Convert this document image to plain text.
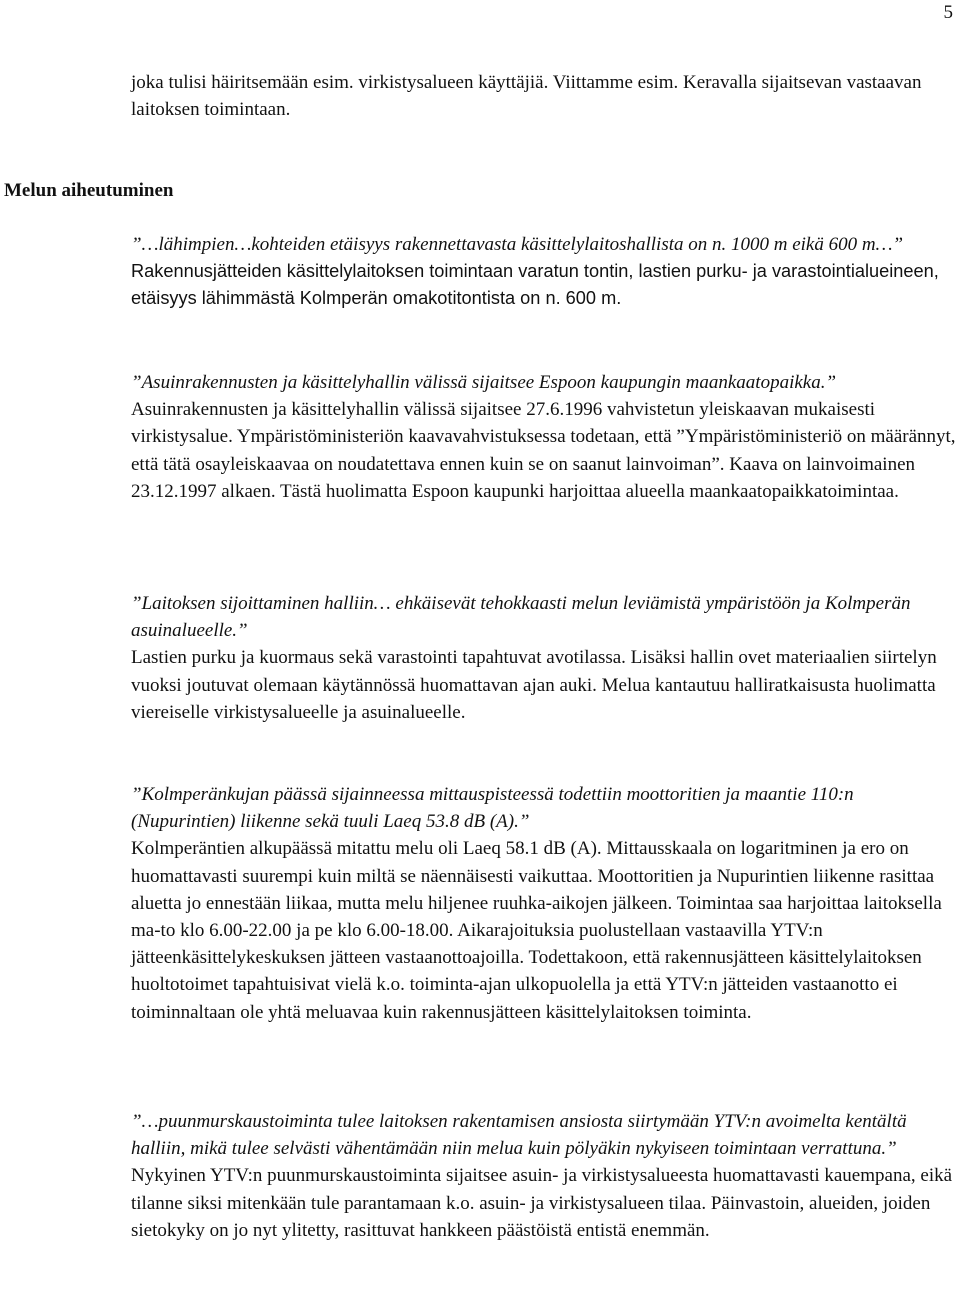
5

joka tulisi häiritsemään esim. virkistysalueen käyttäjiä. Viittamme esim. Keravalla sijaitsevan vastaavan laitoksen toimintaan.

Melun aiheutuminen

”…lähimpien…kohteiden etäisyys rakennettavasta käsittelylaitoshallista on n. 1000 m eikä 600 m…”

Rakennusjätteiden käsittelylaitoksen toimintaan varatun tontin, lastien purku- ja varastointialueineen, etäisyys lähimmästä Kolmperän omakotitontista on n. 600 m.

”Asuinrakennusten ja käsittelyhallin välissä sijaitsee Espoon kaupungin maankaatopaikka.”

Asuinrakennusten ja käsittelyhallin välissä sijaitsee 27.6.1996 vahvistetun yleiskaavan mukaisesti virkistysalue. Ympäristöministeriön kaavavahvistuksessa todetaan, että ”Ympäristöministeriö on määrännyt, että tätä osayleiskaavaa on noudatettava ennen kuin se on saanut lainvoiman”. Kaava on lainvoimainen 23.12.1997 alkaen. Tästä huolimatta Espoon kaupunki harjoittaa alueella maankaatopaikkatoimintaa.

”Laitoksen sijoittaminen halliin… ehkäisevät tehokkaasti melun leviämistä ympäristöön ja Kolmperän asuinalueelle.”

Lastien purku ja kuormaus sekä varastointi tapahtuvat avotilassa. Lisäksi hallin ovet materiaalien siirtelyn vuoksi joutuvat olemaan käytännössä huomattavan ajan auki. Melua kantautuu halliratkaisusta huolimatta viereiselle virkistysalueelle ja asuinalueelle.

”Kolmperänkujan päässä sijainneessa mittauspisteessä todettiin moottoritien ja maantie 110:n (Nupurintien) liikenne sekä tuuli Laeq 53.8 dB (A).”

Kolmperäntien alkupäässä mitattu melu oli Laeq 58.1 dB (A). Mittausskaala on logaritminen ja ero on huomattavasti suurempi kuin miltä se näennäisesti vaikuttaa. Moottoritien ja Nupurintien liikenne rasittaa aluetta jo ennestään liikaa, mutta melu hiljenee ruuhka-aikojen jälkeen. Toimintaa saa harjoittaa laitoksella ma-to klo 6.00-22.00 ja pe klo 6.00-18.00. Aikarajoituksia puolustellaan vastaavilla YTV:n jätteenkäsittelykeskuksen jätteen vastaanottoajoilla. Todettakoon, että rakennusjätteen käsittelylaitoksen huoltotoimet tapahtuisivat vielä k.o. toiminta-ajan ulkopuolella ja että YTV:n jätteiden vastaanotto ei toiminnaltaan ole yhtä meluavaa kuin rakennusjätteen käsittelylaitoksen toiminta.

”…puunmurskaustoiminta tulee laitoksen rakentamisen ansiosta siirtymään YTV:n avoimelta kentältä halliin, mikä tulee selvästi vähentämään niin melua kuin pölyäkin nykyiseen toimintaan verrattuna.”

Nykyinen YTV:n puunmurskaustoiminta sijaitsee asuin- ja virkistysalueesta huomattavasti kauempana, eikä tilanne siksi mitenkään tule parantamaan k.o. asuin- ja virkistysalueen tilaa. Päinvastoin, alueiden, joiden sietokyky on jo nyt ylitetty, rasittuvat hankkeen päästöistä entistä enemmän.
